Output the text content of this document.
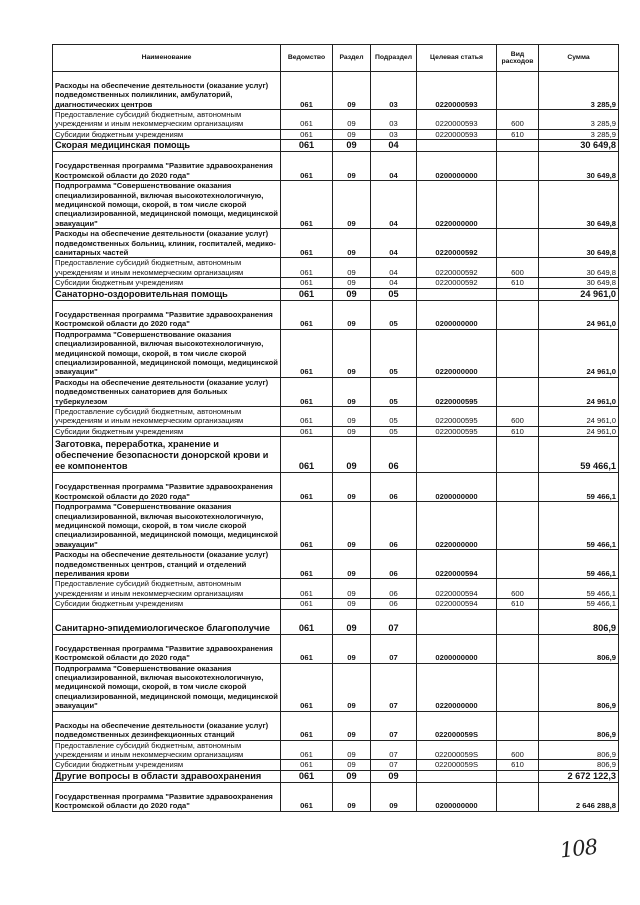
Наименование	Ведомство	Раздел	Подраздел	Целевая статья	Вид расходов	Сумма
Расходы на обеспечение деятельности (оказание услуг) подведомственных поликлиник, амбулаторий, диагностических центров	061	09	03	0220000593		3 285,9
Предоставление субсидий бюджетным, автономным учреждениям и иным некоммерческим организациям	061	09	03	0220000593	600	3 285,9
Субсидии бюджетным учреждениям	061	09	03	0220000593	610	3 285,9
Скорая медицинская помощь	061	09	04			30 649,8
Государственная программа "Развитие здравоохранения Костромской области до 2020 года"	061	09	04	0200000000		30 649,8
Подпрограмма "Совершенствование оказания специализированной, включая высокотехнологичную, медицинской помощи, скорой, в том числе скорой специализированной, медицинской помощи, медицинской эвакуации"	061	09	04	0220000000		30 649,8
Расходы на обеспечение деятельности (оказание услуг) подведомственных больниц, клиник, госпиталей, медико-санитарных частей	061	09	04	0220000592		30 649,8
Предоставление субсидий бюджетным, автономным учреждениям и иным некоммерческим организациям	061	09	04	0220000592	600	30 649,8
Субсидии бюджетным учреждениям	061	09	04	0220000592	610	30 649,8
Санаторно-оздоровительная помощь	061	09	05			24 961,0
Государственная программа "Развитие здравоохранения Костромской области до 2020 года"	061	09	05	0200000000		24 961,0
Подпрограмма "Совершенствование оказания специализированной, включая высокотехнологичную, медицинской помощи, скорой, в том числе скорой специализированной, медицинской помощи, медицинской эвакуации"	061	09	05	0220000000		24 961,0
Расходы на обеспечение деятельности (оказание услуг) подведомственных санаториев для больных туберкулезом	061	09	05	0220000595		24 961,0
Предоставление субсидий бюджетным, автономным учреждениям и иным некоммерческим организациям	061	09	05	0220000595	600	24 961,0
Субсидии бюджетным учреждениям	061	09	05	0220000595	610	24 961,0
Заготовка, переработка, хранение и обеспечение безопасности донорской крови и ее компонентов	061	09	06			59 466,1
Государственная программа "Развитие здравоохранения Костромской области до 2020 года"	061	09	06	0200000000		59 466,1
Подпрограмма "Совершенствование оказания специализированной, включая высокотехнологичную, медицинской помощи, скорой, в том числе скорой специализированной, медицинской помощи, медицинской эвакуации"	061	09	06	0220000000		59 466,1
Расходы на обеспечение деятельности (оказание услуг) подведомственных центров, станций и отделений переливания крови	061	09	06	0220000594		59 466,1
Предоставление субсидий бюджетным, автономным учреждениям и иным некоммерческим организациям	061	09	06	0220000594	600	59 466,1
Субсидии бюджетным учреждениям	061	09	06	0220000594	610	59 466,1
Санитарно-эпидемиологическое благополучие	061	09	07			806,9
Государственная программа "Развитие здравоохранения Костромской области до 2020 года"	061	09	07	0200000000		806,9
Подпрограмма "Совершенствование оказания специализированной, включая высокотехнологичную, медицинской помощи, скорой, в том числе скорой специализированной, медицинской помощи, медицинской эвакуации"	061	09	07	0220000000		806,9
Расходы на обеспечение деятельности (оказание услуг) подведомственных дезинфекционных станций	061	09	07	022000059S		806,9
Предоставление субсидий бюджетным, автономным учреждениям и иным некоммерческим организациям	061	09	07	022000059S	600	806,9
Субсидии бюджетным учреждениям	061	09	07	022000059S	610	806,9
Другие вопросы в области здравоохранения	061	09	09			2 672 122,3
Государственная программа "Развитие здравоохранения Костромской области до 2020 года"	061	09	09	0200000000		2 646 288,8
108
